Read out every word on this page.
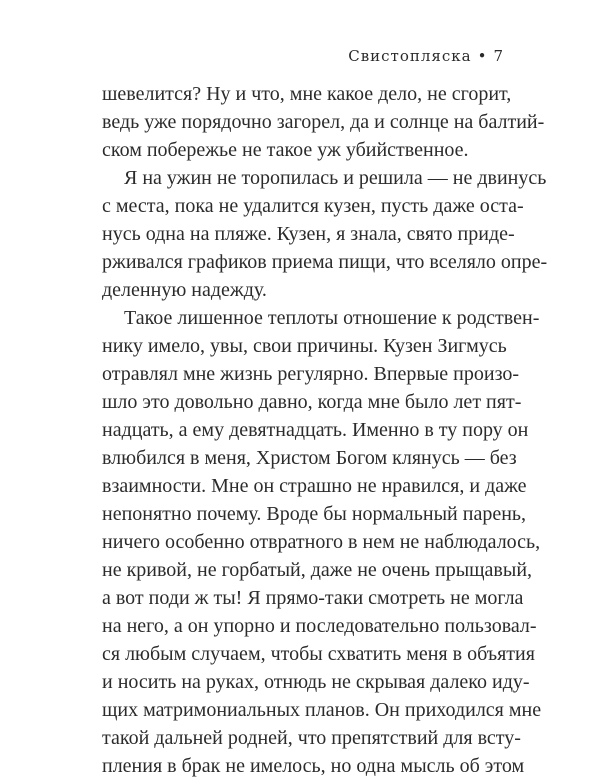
Свистопляска • 7
шевелится? Ну и что, мне какое дело, не сгорит,
ведь уже порядочно загорел, да и солнце на балтий-
ском побережье не такое уж убийственное.
Я на ужин не торопилась и решила — не двинусь
с места, пока не удалится кузен, пусть даже оста-
нусь одна на пляже. Кузен, я знала, свято приде-
рживался графиков приема пищи, что вселяло опре-
деленную надежду.
Такое лишенное теплоты отношение к родствен-
нику имело, увы, свои причины. Кузен Зигмусь
отравлял мне жизнь регулярно. Впервые произо-
шло это довольно давно, когда мне было лет пят-
надцать, а ему девятнадцать. Именно в ту пору он
влюбился в меня, Христом Богом клянусь — без
взаимности. Мне он страшно не нравился, и даже
непонятно почему. Вроде бы нормальный парень,
ничего особенно отвратного в нем не наблюдалось,
не кривой, не горбатый, даже не очень прыщавый,
а вот поди ж ты! Я прямо-таки смотреть не могла
на него, а он упорно и последовательно пользовал-
ся любым случаем, чтобы схватить меня в объятия
и носить на руках, отнюдь не скрывая далеко иду-
щих матримониальных планов. Он приходился мне
такой дальней родней, что препятствий для всту-
пления в брак не имелось, но одна мысль об этом
